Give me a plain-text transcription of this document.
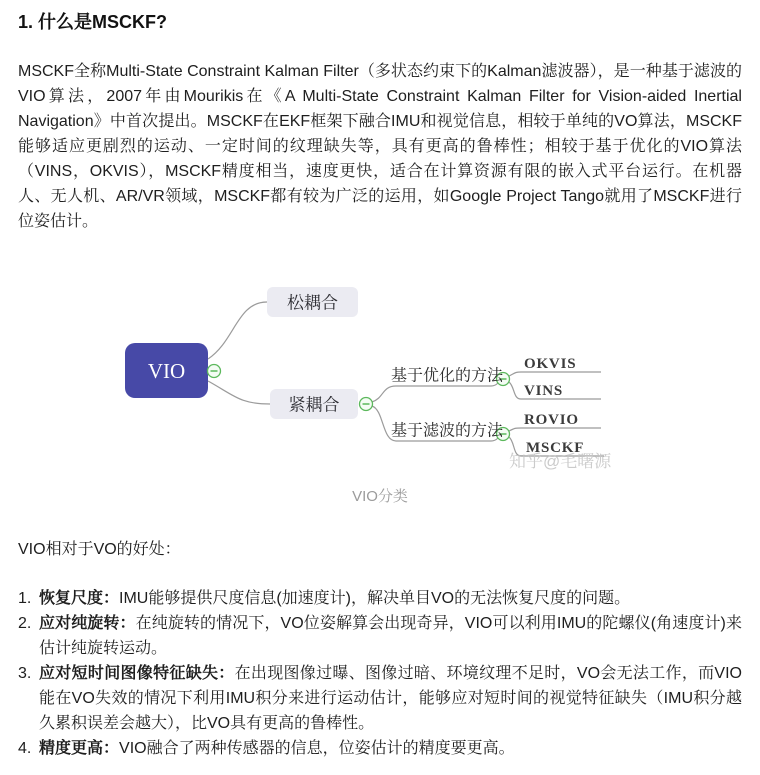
1. 什么是MSCKF?

MSCKF全称Multi-State Constraint Kalman Filter（多状态约束下的Kalman滤波器），是一种基于滤波的VIO算法，2007年由Mourikis在《A Multi-State Constraint Kalman Filter for Vision-aided Inertial Navigation》中首次提出。MSCKF在EKF框架下融合IMU和视觉信息，相较于单纯的VO算法，MSCKF能够适应更剧烈的运动、一定时间的纹理缺失等，具有更高的鲁棒性；相较于基于优化的VIO算法（VINS，OKVIS），MSCKF精度相当，速度更快，适合在计算资源有限的嵌入式平台运行。在机器人、无人机、AR/VR领域，MSCKF都有较为广泛的运用，如Google Project Tango就用了MSCKF进行位姿估计。

VIO
松耦合
紧耦合
基于优化的方法
基于滤波的方法
OKVIS
VINS
ROVIO
MSCKF
知乎@毛曙源
VIO分类

VIO相对于VO的好处：

1. 恢复尺度：IMU能够提供尺度信息(加速度计)，解决单目VO的无法恢复尺度的问题。
2. 应对纯旋转：在纯旋转的情况下，VO位姿解算会出现奇异，VIO可以利用IMU的陀螺仪(角速度计)来估计纯旋转运动。
3. 应对短时间图像特征缺失：在出现图像过曝、图像过暗、环境纹理不足时，VO会无法工作，而VIO能在VO失效的情况下利用IMU积分来进行运动估计，能够应对短时间的视觉特征缺失（IMU积分越久累积误差会越大），比VO具有更高的鲁棒性。
4. 精度更高：VIO融合了两种传感器的信息，位姿估计的精度要更高。
